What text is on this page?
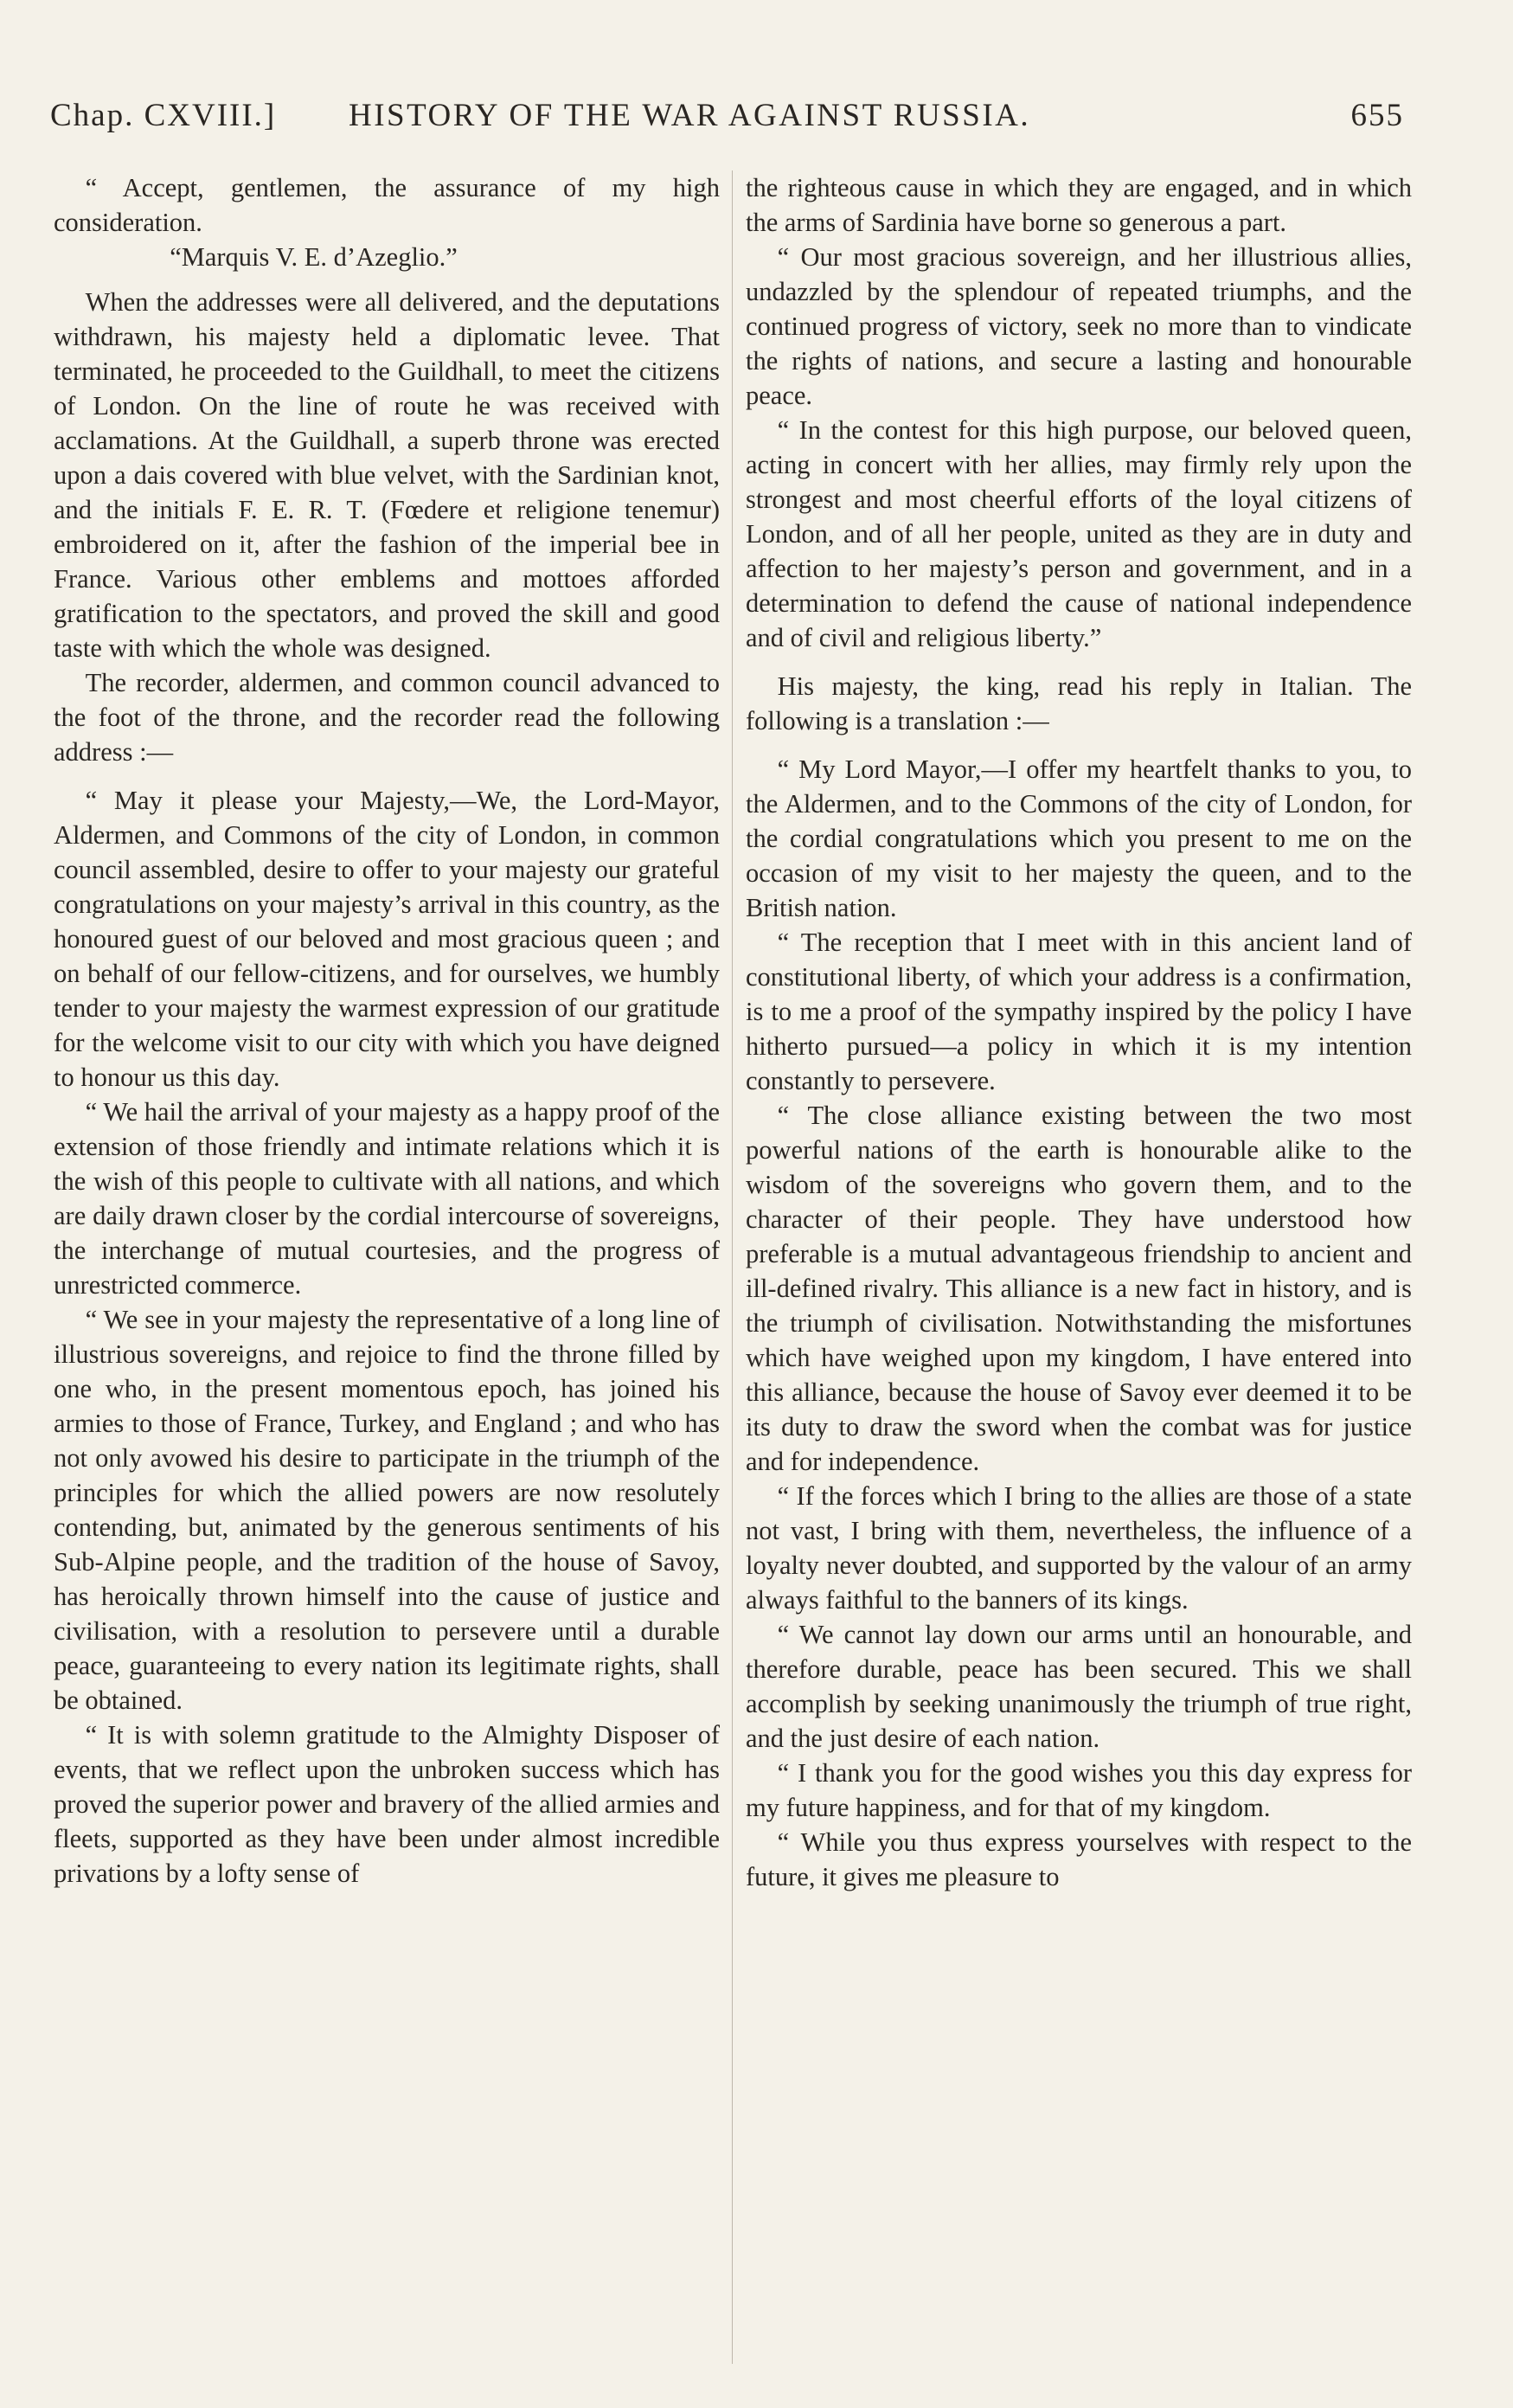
Chap. CXVIII.] HISTORY OF THE WAR AGAINST RUSSIA.	655

“ Accept, gentlemen, the assurance of my high consideration.

“Marquis V. E. d’Azeglio.”

When the addresses were all delivered, and the deputations withdrawn, his majesty held a diplomatic levee. That terminated, he proceeded to the Guildhall, to meet the citizens of London. On the line of route he was received with acclamations. At the Guildhall, a superb throne was erected upon a dais covered with blue velvet, with the Sardinian knot, and the initials F. E. R. T. (Fœdere et religione tenemur) embroidered on it, after the fashion of the imperial bee in France. Various other emblems and mottoes afforded gratification to the spectators, and proved the skill and good taste with which the whole was designed.

The recorder, aldermen, and common council advanced to the foot of the throne, and the recorder read the following address :—

“ May it please your Majesty,—We, the Lord-Mayor, Aldermen, and Commons of the city of London, in common council assembled, desire to offer to your majesty our grateful congratulations on your majesty’s arrival in this country, as the honoured guest of our beloved and most gracious queen ; and on behalf of our fellow-citizens, and for ourselves, we humbly tender to your majesty the warmest expression of our gratitude for the welcome visit to our city with which you have deigned to honour us this day.

“ We hail the arrival of your majesty as a happy proof of the extension of those friendly and intimate relations which it is the wish of this people to cultivate with all nations, and which are daily drawn closer by the cordial intercourse of sovereigns, the interchange of mutual courtesies, and the progress of unrestricted commerce.

“ We see in your majesty the representative of a long line of illustrious sovereigns, and rejoice to find the throne filled by one who, in the present momentous epoch, has joined his armies to those of France, Turkey, and England ; and who has not only avowed his desire to participate in the triumph of the principles for which the allied powers are now resolutely contending, but, animated by the generous sentiments of his Sub-Alpine people, and the tradition of the house of Savoy, has heroically thrown himself into the cause of justice and civilisation, with a resolution to persevere until a durable peace, guaranteeing to every nation its legitimate rights, shall be obtained.

“ It is with solemn gratitude to the Almighty Disposer of events, that we reflect upon the unbroken success which has proved the superior power and bravery of the allied armies and fleets, supported as they have been under almost incredible privations by a lofty sense of

the righteous cause in which they are engaged, and in which the arms of Sardinia have borne so generous a part.

“ Our most gracious sovereign, and her illustrious allies, undazzled by the splendour of repeated triumphs, and the continued progress of victory, seek no more than to vindicate the rights of nations, and secure a lasting and honourable peace.

“ In the contest for this high purpose, our beloved queen, acting in concert with her allies, may firmly rely upon the strongest and most cheerful efforts of the loyal citizens of London, and of all her people, united as they are in duty and affection to her majesty’s person and government, and in a determination to defend the cause of national independence and of civil and religious liberty.”

His majesty, the king, read his reply in Italian. The following is a translation :—

“ My Lord Mayor,—I offer my heartfelt thanks to you, to the Aldermen, and to the Commons of the city of London, for the cordial congratulations which you present to me on the occasion of my visit to her majesty the queen, and to the British nation.

“ The reception that I meet with in this ancient land of constitutional liberty, of which your address is a confirmation, is to me a proof of the sympathy inspired by the policy I have hitherto pursued—a policy in which it is my intention constantly to persevere.

“ The close alliance existing between the two most powerful nations of the earth is honourable alike to the wisdom of the sovereigns who govern them, and to the character of their people. They have understood how preferable is a mutual advantageous friendship to ancient and ill-defined rivalry. This alliance is a new fact in history, and is the triumph of civilisation. Notwithstanding the misfortunes which have weighed upon my kingdom, I have entered into this alliance, because the house of Savoy ever deemed it to be its duty to draw the sword when the combat was for justice and for independence.

“ If the forces which I bring to the allies are those of a state not vast, I bring with them, nevertheless, the influence of a loyalty never doubted, and supported by the valour of an army always faithful to the banners of its kings.

“ We cannot lay down our arms until an honourable, and therefore durable, peace has been secured. This we shall accomplish by seeking unanimously the triumph of true right, and the just desire of each nation.

“ I thank you for the good wishes you this day express for my future happiness, and for that of my kingdom.

“ While you thus express yourselves with respect to the future, it gives me pleasure to
